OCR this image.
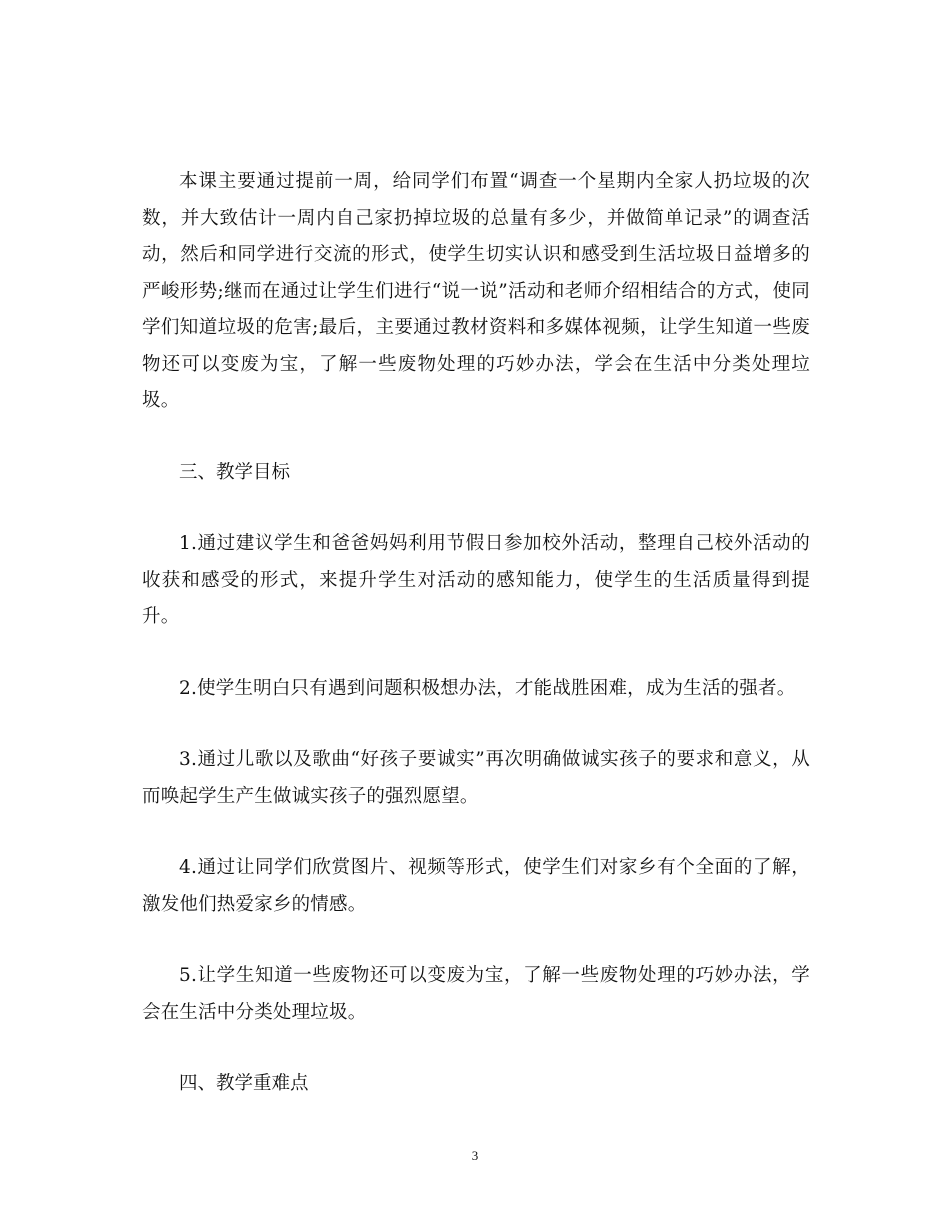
本课主要通过提前一周，给同学们布置“调查一个星期内全家人扔垃圾的次数，并大致估计一周内自己家扔掉垃圾的总量有多少，并做简单记录”的调查活动，然后和同学进行交流的形式，使学生切实认识和感受到生活垃圾日益增多的严峻形势;继而在通过让学生们进行“说一说”活动和老师介绍相结合的方式，使同学们知道垃圾的危害;最后，主要通过教材资料和多媒体视频，让学生知道一些废物还可以变废为宝，了解一些废物处理的巧妙办法，学会在生活中分类处理垃圾。

三、教学目标

1.通过建议学生和爸爸妈妈利用节假日参加校外活动，整理自己校外活动的收获和感受的形式，来提升学生对活动的感知能力，使学生的生活质量得到提升。

2.使学生明白只有遇到问题积极想办法，才能战胜困难，成为生活的强者。

3.通过儿歌以及歌曲“好孩子要诚实”再次明确做诚实孩子的要求和意义，从而唤起学生产生做诚实孩子的强烈愿望。

4.通过让同学们欣赏图片、视频等形式，使学生们对家乡有个全面的了解，激发他们热爱家乡的情感。

5.让学生知道一些废物还可以变废为宝，了解一些废物处理的巧妙办法，学会在生活中分类处理垃圾。

四、教学重难点

3
